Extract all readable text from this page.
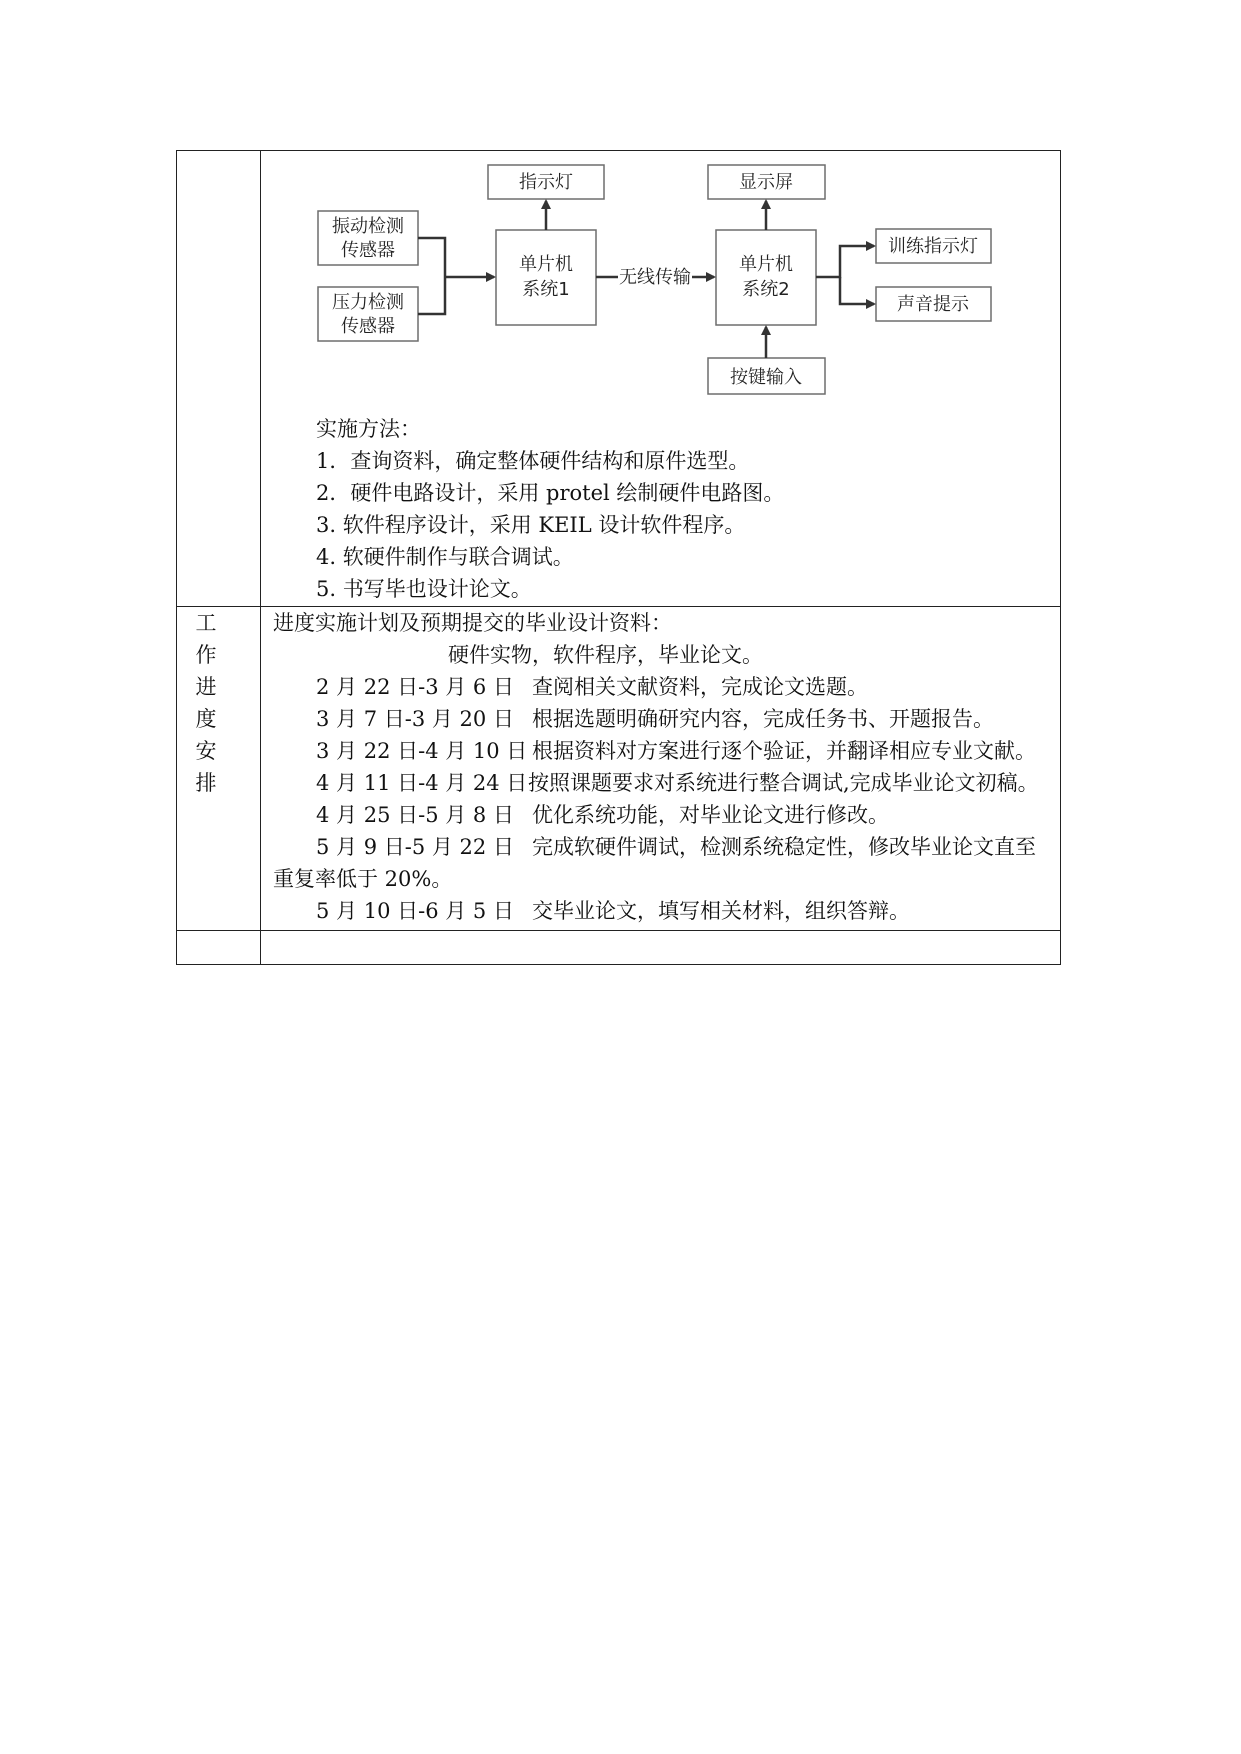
振动检测
传感器
压力检测
传感器
指示灯
单片机
系统1
无线传输
显示屏
单片机
系统2
训练指示灯
声音提示
按键输入
实施方法：
1．查询资料，确定整体硬件结构和原件选型。
2．硬件电路设计，采用 protel 绘制硬件电路图。
3. 软件程序设计，采用 KEIL 设计软件程序。
4. 软硬件制作与联合调试。
5. 书写毕也设计论文。
工
作
进
度
安
排
进度实施计划及预期提交的毕业设计资料：
硬件实物，软件程序，毕业论文。
2 月 22 日-3 月 6 日 查阅相关文献资料，完成论文选题。
3 月 7 日-3 月 20 日 根据选题明确研究内容，完成任务书、开题报告。
3 月 22 日-4 月 10 日 根据资料对方案进行逐个验证，并翻译相应专业文献。
4 月 11 日-4 月 24 日 按照课题要求对系统进行整合调试,完成毕业论文初稿。
4 月 25 日-5 月 8 日 优化系统功能，对毕业论文进行修改。
5 月 9 日-5 月 22 日 完成软硬件调试，检测系统稳定性，修改毕业论文直至
重复率低于 20%。
5 月 10 日-6 月 5 日 交毕业论文，填写相关材料，组织答辩。
